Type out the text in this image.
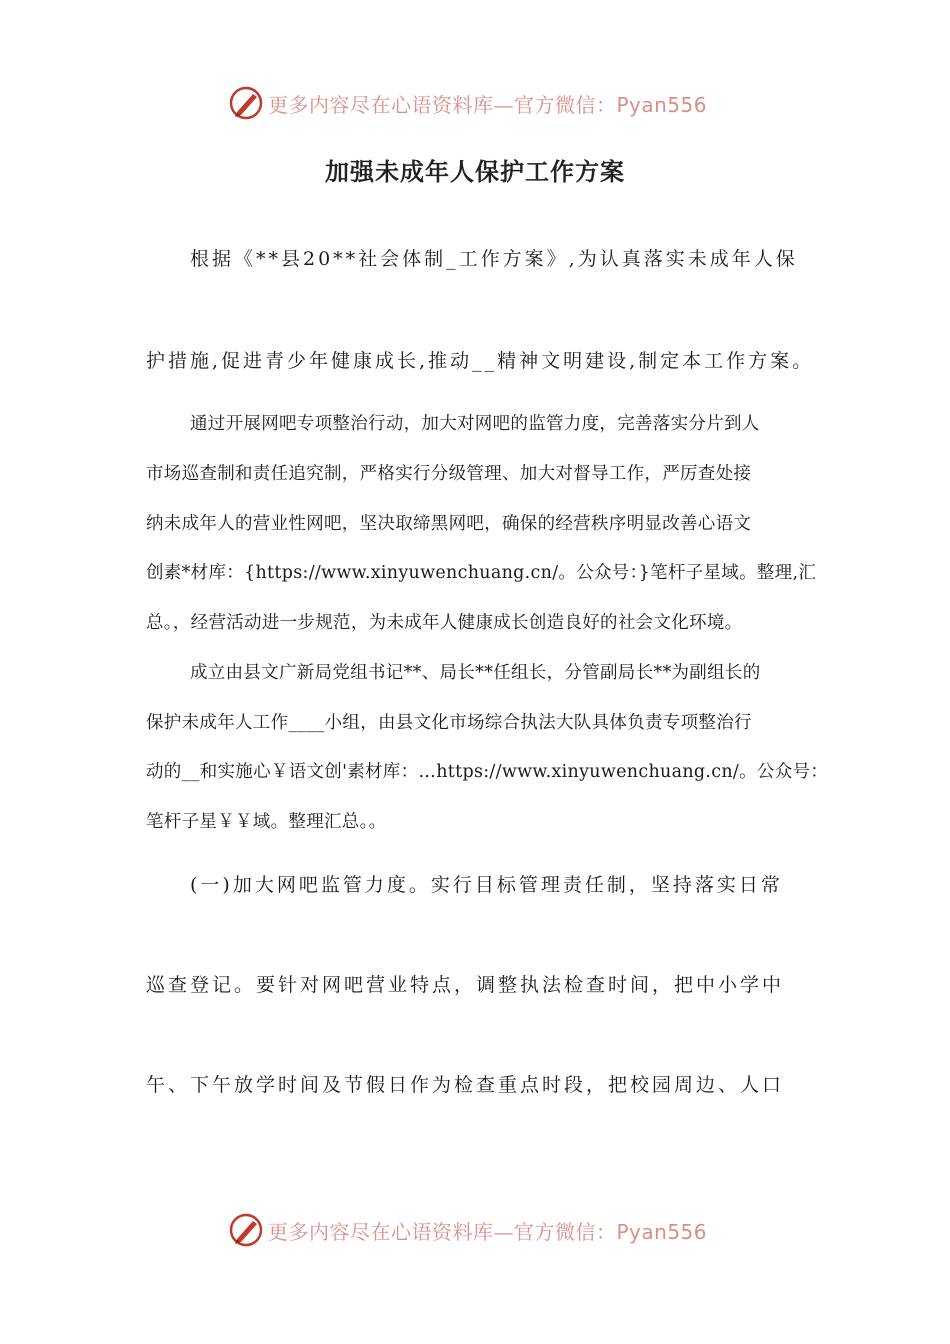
更多内容尽在心语资料库—官方微信：Pyan556
加强未成年人保护工作方案
根据《**县20**社会体制_工作方案》,为认真落实未成年人保
护措施,促进青少年健康成长,推动__精神文明建设,制定本工作方案。
通过开展网吧专项整治行动，加大对网吧的监管力度，完善落实分片到人
市场巡查制和责任追究制，严格实行分级管理、加大对督导工作，严厉查处接
纳未成年人的营业性网吧，坚决取缔黑网吧，确保的经营秩序明显改善心语文
创素*材库：{https://www.xinyuwenchuang.cn/。公众号：}笔杆子星域。整理,汇
总。，经营活动进一步规范，为未成年人健康成长创造良好的社会文化环境。
成立由县文广新局党组书记**、局长**任组长，分管副局长**为副组长的
保护未成年人工作____小组，由县文化市场综合执法大队具体负责专项整治行
动的__和实施心￥语文创'素材库：…https://www.xinyuwenchuang.cn/。公众号：
笔杆子星￥￥域。整理汇总。。
(一)加大网吧监管力度。实行目标管理责任制，坚持落实日常
巡查登记。要针对网吧营业特点，调整执法检查时间，把中小学中
午、下午放学时间及节假日作为检查重点时段，把校园周边、人口
更多内容尽在心语资料库—官方微信：Pyan556
